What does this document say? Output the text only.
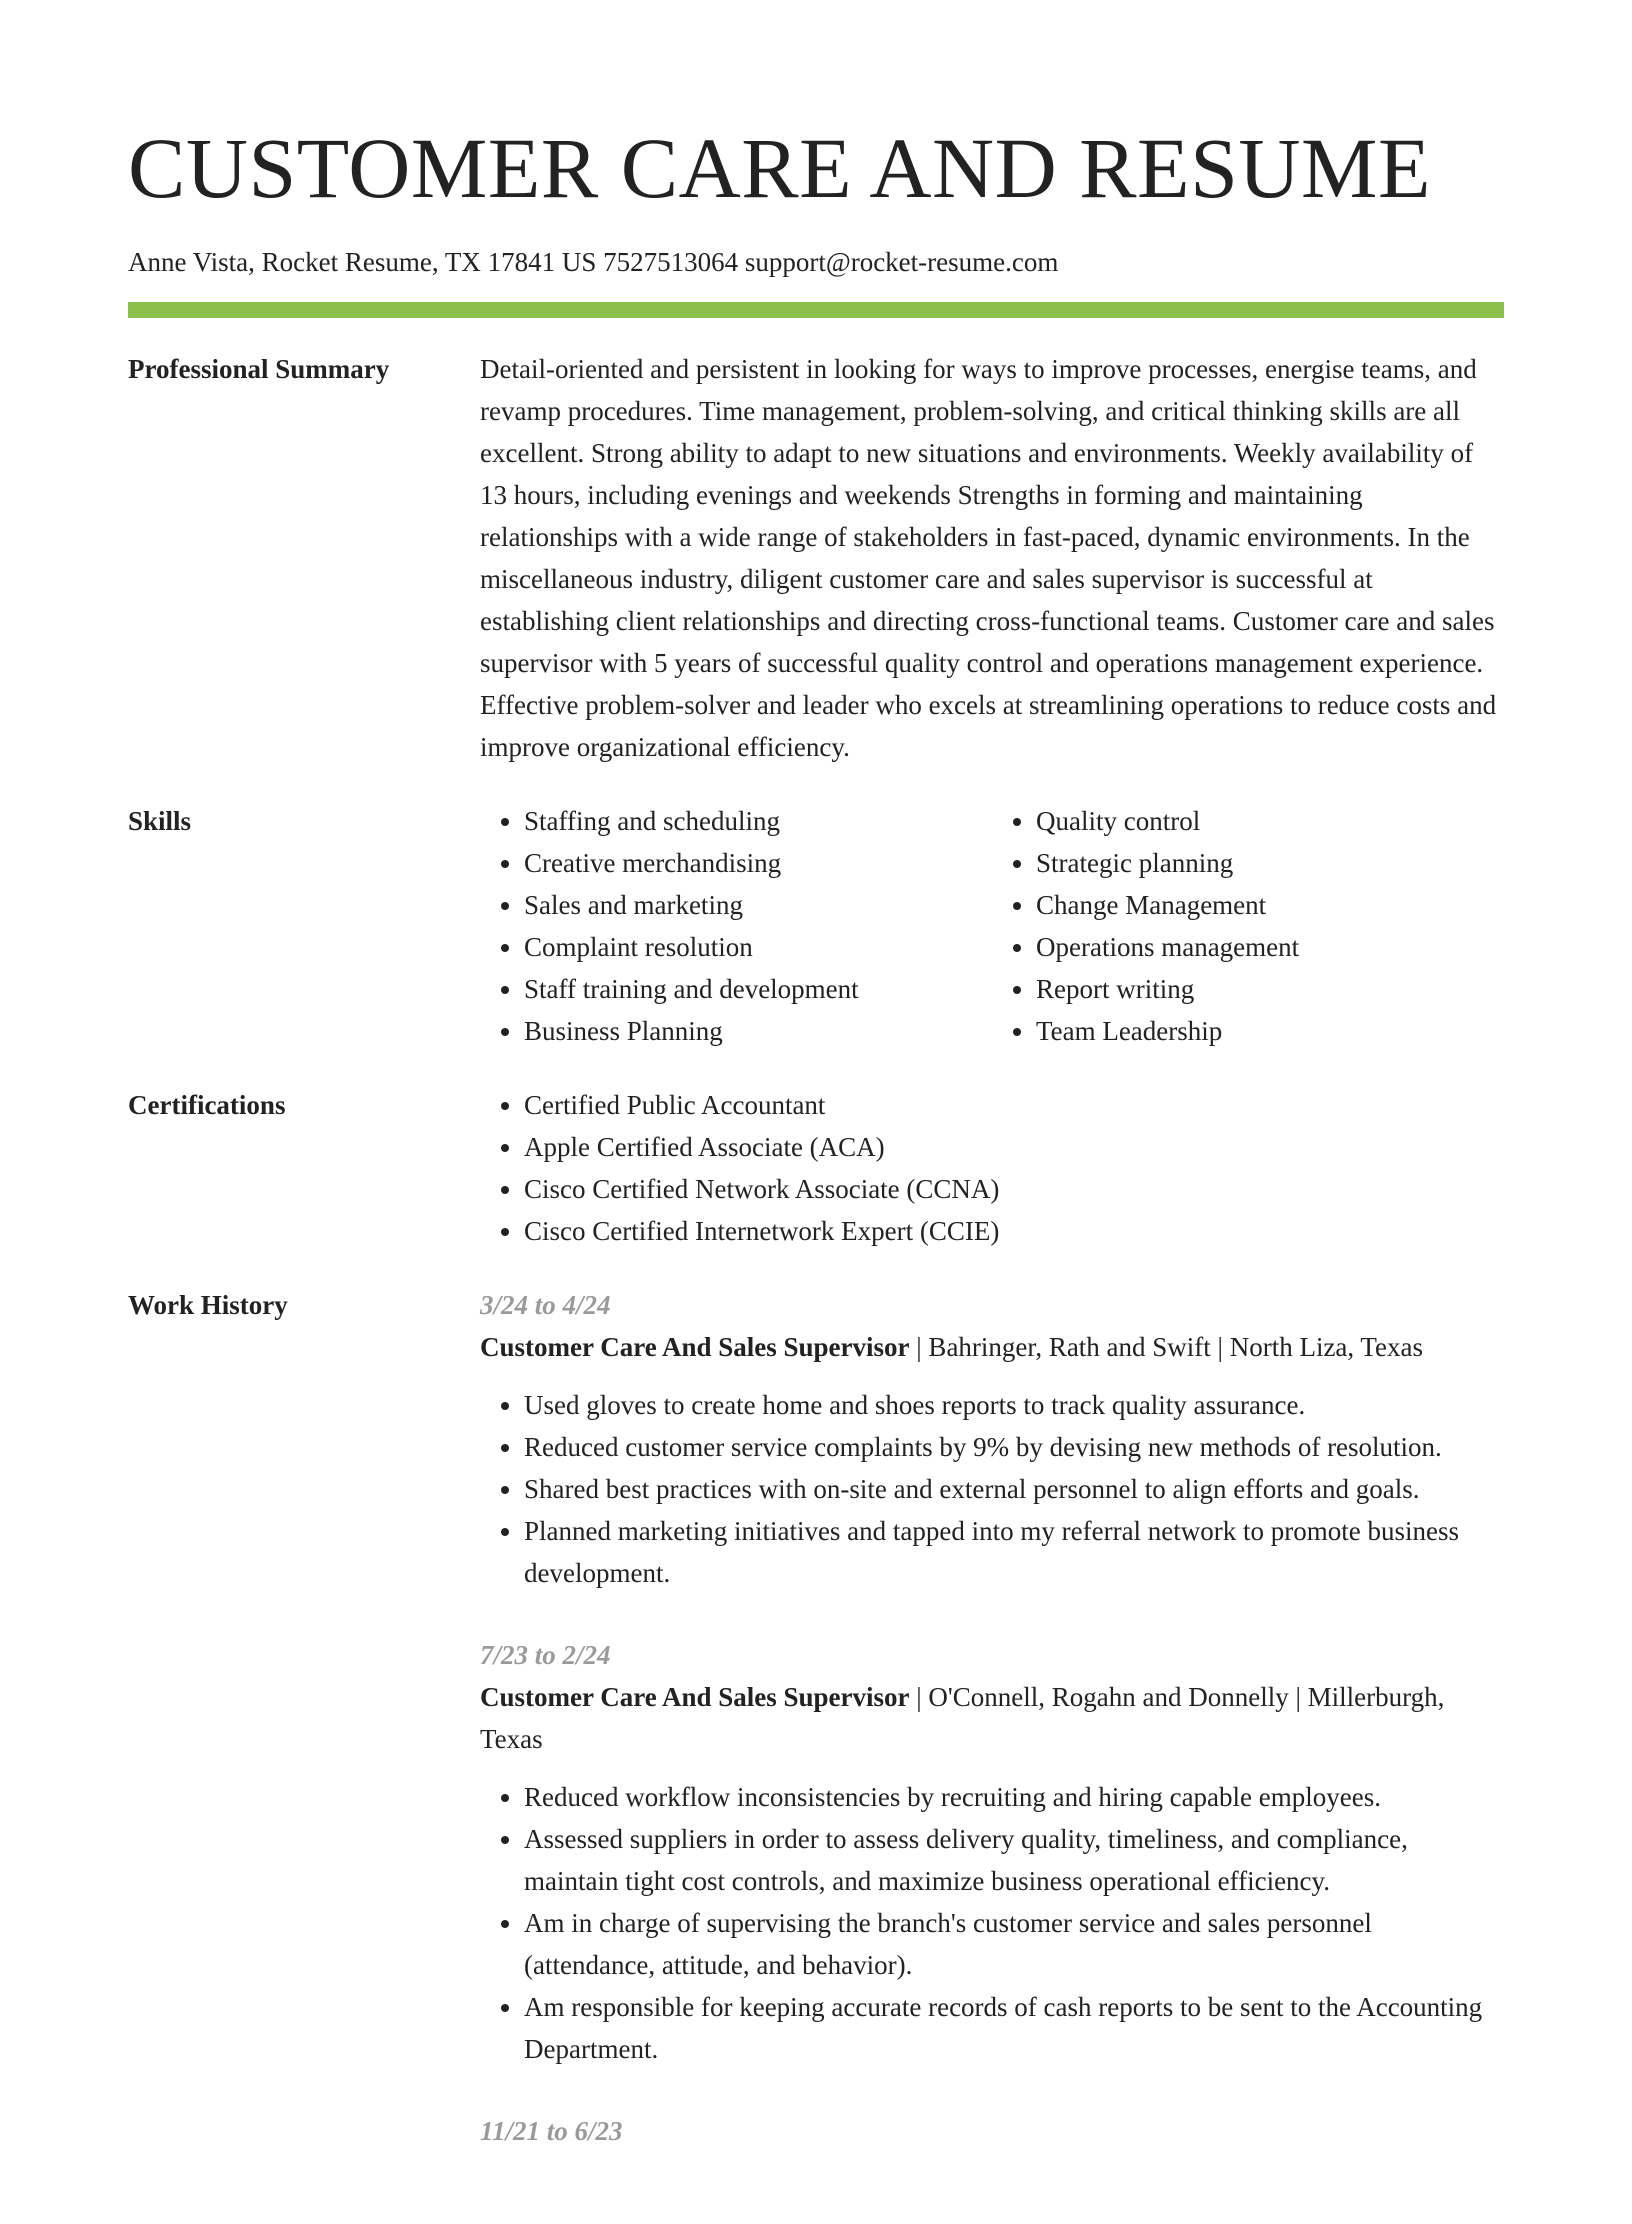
CUSTOMER CARE AND RESUME
Anne Vista, Rocket Resume, TX 17841 US 7527513064 support@rocket-resume.com
Professional Summary	Detail-oriented and persistent in looking for ways to improve processes, energise teams, and revamp procedures. Time management, problem-solving, and critical thinking skills are all excellent. Strong ability to adapt to new situations and environments. Weekly availability of 13 hours, including evenings and weekends Strengths in forming and maintaining relationships with a wide range of stakeholders in fast-paced, dynamic environments. In the miscellaneous industry, diligent customer care and sales supervisor is successful at establishing client relationships and directing cross-functional teams. Customer care and sales supervisor with 5 years of successful quality control and operations management experience. Effective problem-solver and leader who excels at streamlining operations to reduce costs and improve organizational efficiency.

Skills	• Staffing and scheduling
• Creative merchandising
• Sales and marketing
• Complaint resolution
• Staff training and development
• Business Planning
• Quality control
• Strategic planning
• Change Management
• Operations management
• Report writing
• Team Leadership
Certifications	• Certified Public Accountant
• Apple Certified Associate (ACA)
• Cisco Certified Network Associate (CCNA)
• Cisco Certified Internetwork Expert (CCIE)
Work History	3/24 to 4/24
Customer Care And Sales Supervisor | Bahringer, Rath and Swift | North Liza, Texas
• Used gloves to create home and shoes reports to track quality assurance.
• Reduced customer service complaints by 9% by devising new methods of resolution.
• Shared best practices with on-site and external personnel to align efforts and goals.
• Planned marketing initiatives and tapped into my referral network to promote business development.
7/23 to 2/24
Customer Care And Sales Supervisor | O'Connell, Rogahn and Donnelly | Millerburgh, Texas
• Reduced workflow inconsistencies by recruiting and hiring capable employees.
• Assessed suppliers in order to assess delivery quality, timeliness, and compliance, maintain tight cost controls, and maximize business operational efficiency.
• Am in charge of supervising the branch's customer service and sales personnel (attendance, attitude, and behavior).
• Am responsible for keeping accurate records of cash reports to be sent to the Accounting Department.
11/21 to 6/23
